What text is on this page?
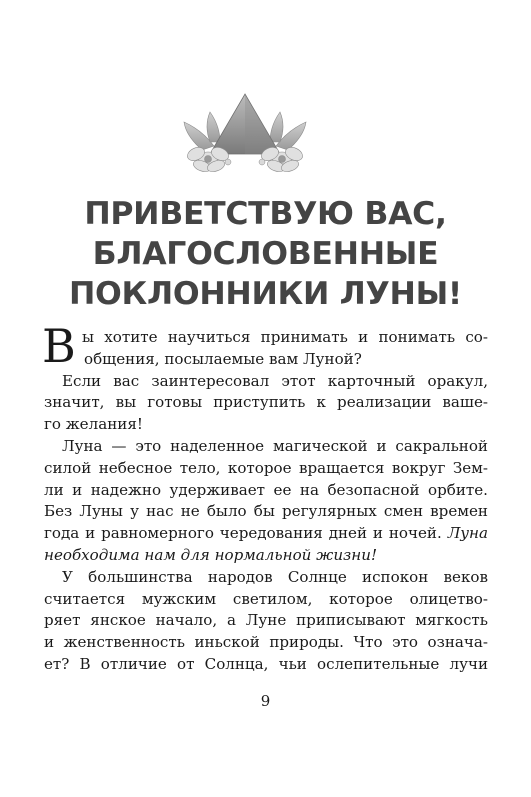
ПРИВЕТСТВУЮ ВАС,
БЛАГОСЛОВЕННЫЕ
ПОКЛОННИКИ ЛУНЫ!
В ы хотите научиться принимать и понимать со-
общения, посылаемые вам Луной?
Если вас заинтересовал этот карточный оракул,
значит, вы готовы приступить к реализации ваше-
го желания!
Луна — это наделенное магической и сакральной
силой небесное тело, которое вращается вокруг Зем-
ли и надежно удерживает ее на безопасной орбите.
Без Луны у нас не было бы регулярных смен времен
года и равномерного чередования дней и ночей. Луна
необходима нам для нормальной жизни!
У большинства народов Солнце испокон веков
считается мужским светилом, которое олицетво-
ряет янское начало, а Луне приписывают мягкость
и женственность иньской природы. Что это означа-
ет? В отличие от Солнца, чьи ослепительные лучи
9
